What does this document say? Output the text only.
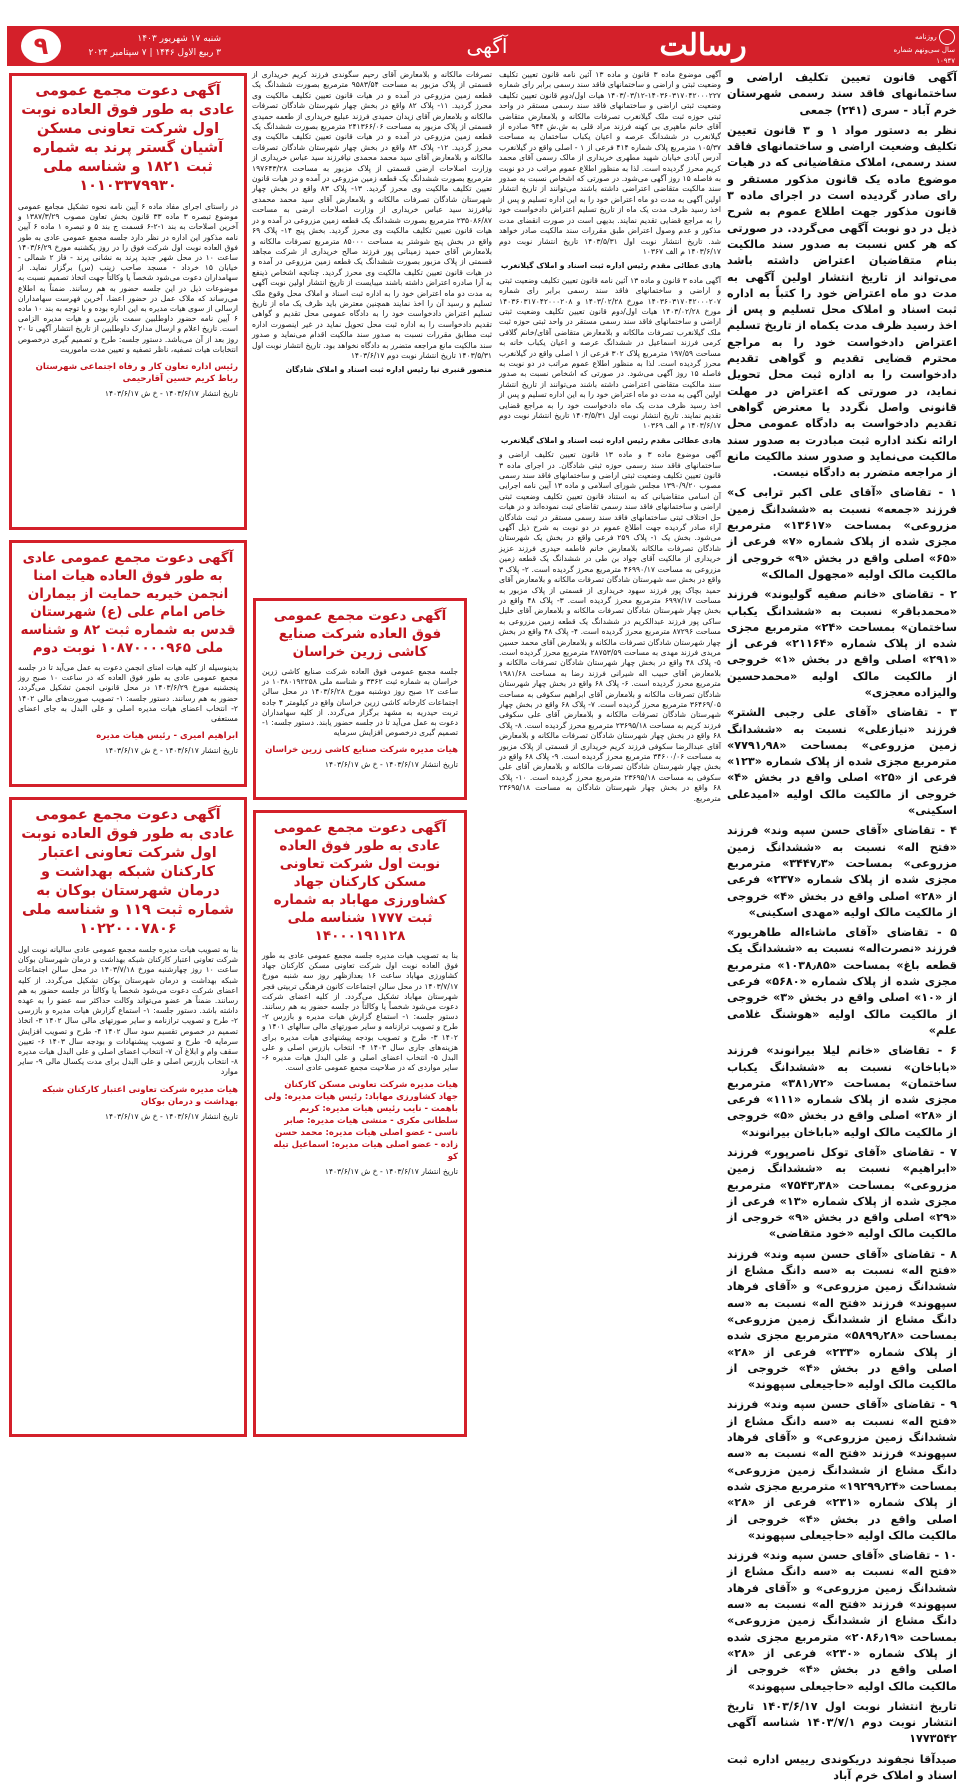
روزنامه
سال سی‌ونهم شماره ۱۰۹۴۷
رسالت
آگهی
شنبه ۱۷ شهریور ۱۴۰۳
۳ ربیع الاول ۱۴۴۶ | ۷ سپتامبر ۲۰۲۴
۹

آگهی قانون تعیین تکلیف اراضی و ساختمانهای فاقد سند رسمی شهرستان خرم آباد - سری (۲۴۱) جمعی

نظر به دستور مواد ۱ و ۳ قانون تعیین تکلیف وضعیت اراضی و ساختمانهای فاقد سند رسمی، املاک متقاضیانی که در هیات موضوع ماده یک قانون مذکور مستقر و رای صادر گردیده است در اجرای ماده ۳ قانون مذکور جهت اطلاع عموم به شرح ذیل در دو نوبت آگهی می‌گردد. در صورتی که هر کس نسبت به صدور سند مالکیت بنام متقاضیان اعتراض داشته باشد می‌تواند از تاریخ انتشار اولین آگهی به مدت دو ماه اعتراض خود را کتباً به اداره ثبت اسناد و املاک محل تسلیم و پس از اخذ رسید ظرف مدت یکماه از تاریخ تسلیم اعتراض دادخواست خود را به مراجع محترم قضایی تقدیم و گواهی تقدیم دادخواست را به اداره ثبت محل تحویل نماید، در صورتی که اعتراض در مهلت قانونی واصل نگردد یا معترض گواهی تقدیم دادخواست به دادگاه عمومی محل ارائه نکند اداره ثبت مبادرت به صدور سند مالکیت می‌نماید و صدور سند مالکیت مانع از مراجعه متضرر به دادگاه نیست.

۱ - تقاضای «آقای علی اکبر ترابی ک» فرزند «جمعه» نسبت به «ششدانگ زمین مزروعی» بمساحت «۱۳۶۱۷» مترمربع مجزی شده از پلاک شماره «۷» فرعی از «۶۵» اصلی واقع در بخش «۹» خروجی از مالکیت مالک اولیه «مجهول المالک»

۲ - تقاضای «خانم صفیه گولیوند» فرزند «محمدباقر» نسبت به «ششدانگ یکباب ساختمان» بمساحت «۲۴» مترمربع مجزی شده از پلاک شماره «۲۱۱۶۴» فرعی از «۲۹۱» اصلی واقع در بخش «۱» خروجی از مالکیت مالک اولیه «محمدحسین والیزاده معجزی»

۳ - تقاضای «آقای علی رجبی الشتر» فرزند «نیازعلی» نسبت به «ششدانگ زمین مزروعی» بمساحت «۷۷۹۱٫۹۸» مترمربع مجزی شده از پلاک شماره «۱۲۳» فرعی از «۲۵» اصلی واقع در بخش «۴» خروجی از مالکیت مالک اولیه «امیدعلی اسکینی»

۴ - تقاضای «آقای حسن سپه وند» فرزند «فتح اله» نسبت به «ششدانگ زمین مزروعی» بمساحت «۳۴۴۷٫۳» مترمربع مجزی شده از پلاک شماره «۲۳۷» فرعی از «۲۸» اصلی واقع در بخش «۴» خروجی از مالکیت مالک اولیه «مهدی اسکینی»

۵ - تقاضای «آقای ماشاءاله طاهریور» فرزند «نصرت‌اله» نسبت به «ششدانگ یک قطعه باغ» بمساحت «۱۰۳۸٫۸۵» مترمربع مجزی شده از پلاک شماره «۵۶۸۰» فرعی از «۱۰» اصلی واقع در بخش «۳» خروجی از مالکیت مالک اولیه «هوشنگ غلامی علم»

۶ - تقاضای «خانم لیلا بیرانوند» فرزند «باباخان» نسبت به «ششدانگ یکباب ساختمان» بمساحت «۳۸۱٫۷۲» مترمربع مجزی شده از پلاک شماره «۱۱۱» فرعی از «۲۸» اصلی واقع در بخش «۵» خروجی از مالکیت مالک اولیه «باباخان بیرانوند»

۷ - تقاضای «آقای توکل ناصرپور» فرزند «ابراهیم» نسبت به «ششدانگ زمین مزروعی» بمساحت «۷۵۴۳٫۳۸» مترمربع مجزی شده از پلاک شماره «۱۳» فرعی از «۲۹» اصلی واقع در بخش «۹» خروجی از مالکیت مالک اولیه «خود متقاضی»

۸ - تقاضای «آقای حسن سپه وند» فرزند «فتح اله» نسبت به «سه دانگ مشاع از ششدانگ زمین مزروعی» و «آقای فرهاد سپهوند» فرزند «فتح اله» نسبت به «سه دانگ مشاع از ششدانگ زمین مزروعی» بمساحت «۵۸۹۹٫۲۸» مترمربع مجزی شده از پلاک شماره «۲۳۳» فرعی از «۲۸» اصلی واقع در بخش «۴» خروجی از مالکیت مالک اولیه «حاجیعلی سپهوند»

۹ - تقاضای «آقای حسن سپه وند» فرزند «فتح اله» نسبت به «سه دانگ مشاع از ششدانگ زمین مزروعی» و «آقای فرهاد سپهوند» فرزند «فتح اله» نسبت به «سه دانگ مشاع از ششدانگ زمین مزروعی» بمساحت «۱۹۲۹۹٫۲۴» مترمربع مجزی شده از پلاک شماره «۲۳۱» فرعی از «۲۸» اصلی واقع در بخش «۴» خروجی از مالکیت مالک اولیه «حاجیعلی سپهوند»

۱۰ - تقاضای «آقای حسن سپه وند» فرزند «فتح اله» نسبت به «سه دانگ مشاع از ششدانگ زمین مزروعی» و «آقای فرهاد سپهوند» فرزند «فتح اله» نسبت به «سه دانگ مشاع از ششدانگ زمین مزروعی» بمساحت «۲۰۸۶٫۱۹» مترمربع مجزی شده از پلاک شماره «۲۳۰» فرعی از «۲۸» اصلی واقع در بخش «۴» خروجی از مالکیت مالک اولیه «حاجیعلی سپهوند»

تاریخ انتشار نوبت اول ۱۴۰۳/۶/۱۷ تاریخ انتشار نوبت دوم ۱۴۰۳/۷/۱ شناسه آگهی ۱۷۷۳۵۴۲

صیدآقا نجفوند دریکوندی رییس اداره ثبت اسناد و املاک خرم آباد

آگهی موضوع ماده ۳ قانون و ماده ۱۳ آئین نامه قانون تعیین تکلیف وضعیت ثبتی و اراضی و ساختمانهای فاقد سند رسمی برابر رای شماره ۱۴۰۳۶۰۳۱۷۰۴۲۰۰۰۲۲۷-۱۴۰۳/۰۳/۱۲ هیات اول/دوم قانون تعیین تکلیف وضعیت ثبتی اراضی و ساختمانهای فاقد سند رسمی مستقر در واحد ثبتی حوزه ثبت ملک گیلانغرب تصرفات مالکانه و بلامعارض متقاضی آقای خانم ماهپری بی کهنه فرزند مراد قلی به ش.ش ۹۴۴ صادره از گیلانغرب در ششدانگ عرصه و اعیان یکباب ساختمان به مساحت ۱۰۵/۳۷ مترمربع پلاک شماره ۴۱۴ فرعی از ۱ - اصلی واقع در گیلانغرب آدرس آبادی خیابان شهید مطهری خریداری از مالک رسمی آقای محمد کریم محرز گردیده است. لذا به منظور اطلاع عموم مراتب در دو نوبت به فاصله ۱۵ روز آگهی می‌شود. در صورتی که اشخاص نسبت به صدور سند مالکیت متقاضی اعتراضی داشته باشند می‌توانند از تاریخ انتشار اولین آگهی به مدت دو ماه اعتراض خود را به این اداره تسلیم و پس از اخذ رسید ظرف مدت یک ماه از تاریخ تسلیم اعتراض دادخواست خود را به مراجع قضایی تقدیم نمایند. بدیهی است در صورت انقضای مدت مذکور و عدم وصول اعتراض طبق مقررات سند مالکیت صادر خواهد شد. تاریخ انتشار نوبت اول ۱۴۰۳/۵/۳۱ تاریخ انتشار نوبت دوم ۱۴۰۳/۶/۱۷ م الف ۱۰۳۶۷

هادی عطائی مقدم رئیس اداره ثبت اسناد و املاک گیلانغرب

آگهی ماده ۳ قانون و ماده ۱۳ آئین نامه قانون تعیین تکلیف وضعیت ثبتی و اراضی و ساختمانهای فاقد سند رسمی برابر رای شماره ۱۴۰۳۶۰۳۱۷۰۴۲۰۰۰۲۰۷ مورخ ۱۴۰۳/۰۲/۲۸ و ۱۴۰۳۶۰۳۱۷۰۴۲۰۰۰۲۰۸ مورخ ۱۴۰۳/۰۲/۲۸ هیات اول/دوم قانون تعیین تکلیف وضعیت ثبتی اراضی و ساختمانهای فاقد سند رسمی مستقر در واحد ثبتی حوزه ثبت ملک گیلانغرب تصرفات مالکانه و بلامعارض متقاضی آقای/خانم گلافی کرمی فرزند اسماعیل در ششدانگ عرصه و اعیان یکباب خانه به مساحت ۱۹۷/۵۹ مترمربع پلاک ۳۰۲ فرعی از ۱ اصلی واقع در گیلانغرب محرز گردیده است. لذا به منظور اطلاع عموم مراتب در دو نوبت به فاصله ۱۵ روز آگهی می‌شود. در صورتی که اشخاص نسبت به صدور سند مالکیت متقاضی اعتراضی داشته باشند می‌توانند از تاریخ انتشار اولین آگهی به مدت دو ماه اعتراض خود را به این اداره تسلیم و پس از اخذ رسید ظرف مدت یک ماه دادخواست خود را به مراجع قضایی تقدیم نمایند. تاریخ انتشار نوبت اول ۱۴۰۳/۵/۳۱ تاریخ انتشار نوبت دوم ۱۴۰۳/۶/۱۷ م الف ۱۰۳۶۹

هادی عطائی مقدم رئیس اداره ثبت اسناد و املاک گیلانغرب

آگهی موضوع ماده ۳ و ماده ۱۳ قانون تعیین تکلیف اراضی و ساختمانهای فاقد سند رسمی حوزه ثبتی شادگان. در اجرای ماده ۳ قانون تعیین تکلیف وضعیت ثبتی اراضی و ساختمانهای فاقد سند رسمی مصوب ۱۳۹۰/۹/۲۰ مجلس شورای اسلامی و ماده ۱۳ آیین نامه اجرایی آن اسامی متقاضیانی که به استناد قانون تعیین تکلیف وضعیت ثبتی اراضی و ساختمانهای فاقد سند رسمی تقاضای ثبت نموده‌اند و در هیات حل اختلاف ثبتی ساختمانهای فاقد سند رسمی مستقر در ثبت شادگان آراء صادر گردیده جهت اطلاع عموم در دو نوبت به شرح ذیل آگهی می‌شود. بخش یک ۱- پلاک ۲۵۹ فرعی واقع در بخش یک شهرستان شادگان تصرفات مالکانه بلامعارض خانم فاطمه حیدری فرزند عزیز خریداری از مالکیت آقای جواد بن طی در ششدانگ یک قطعه زمین مزروعی به مساحت ۴۶۹۹۰/۱۷ مترمربع محرز گردیده است. ۲- پلاک ۳ واقع در بخش سه شهرستان شادگان تصرفات مالکانه و بلامعارض آقای حمید بچاک پور فرزند سهود خریداری از قسمتی از پلاک مزبور به مساحت ۶۹۹۷/۱۷ مترمربع محرز گردیده است. ۳- پلاک ۴۸ واقع در بخش چهار شهرستان شادگان تصرفات مالکانه و بلامعارض آقای خلیل ساکی پور فرزند عبدالکریم در ششدانگ یک قطعه زمین مزروعی به مساحت ۸۷۲۹۶ مترمربع محرز گردیده است. ۴- پلاک ۴۸ واقع در بخش چهار شهرستان شادگان تصرفات مالکانه و بلامعارض آقای محمد حسین مریدی فرزند مهدی به مساحت ۲۸۷۵۳/۵۹ مترمربع محرز گردیده است. ۵- پلاک ۴۸ واقع در بخش چهار شهرستان شادگان تصرفات مالکانه و بلامعارض آقای حبیب اله شیرانی فرزند رضا به مساحت ۱۹۸۱/۶۸ مترمربع محرز گردیده است. ۶- پلاک ۶۸ واقع در بخش چهار شهرستان شادگان تصرفات مالکانه و بلامعارض آقای ابراهیم سکوفی به مساحت ۳۶۴۶۹/۰۵ مترمربع محرز گردیده است. ۷- پلاک ۶۸ واقع در بخش چهار شهرستان شادگان تصرفات مالکانه و بلامعارض آقای علی سکوفی فرزند کریم به مساحت ۲۳۶۹۵/۱۸ مترمربع محرز گردیده است. ۸- پلاک ۶۸ واقع در بخش چهار شهرستان شادگان تصرفات مالکانه و بلامعارض آقای عبدالرضا سکوفی فرزند کریم خریداری از قسمتی از پلاک مزبور به مساحت ۳۴۶۰۰/۰۶ مترمربع محرز گردیده است. ۹- پلاک ۶۸ واقع در بخش چهار شهرستان شادگان تصرفات مالکانه و بلامعارض آقای علی سکوفی به مساحت ۲۳۶۹۵/۱۸ مترمربع محرز گردیده است. ۱۰- پلاک ۶۸ واقع در بخش چهار شهرستان شادگان به مساحت ۲۳۶۹۵/۱۸ مترمربع.

تصرفات مالکانه و بلامعارض آقای رحیم سگوندی فرزند کریم خریداری از قسمتی از پلاک مزبور به مساحت ۹۵۸۳/۵۴ مترمربع بصورت ششدانگ یک قطعه زمین مزروعی در آمده و در هیات قانون تعیین تکلیف مالکیت وی محرز گردید. ۱۱- پلاک ۸۲ واقع در بخش چهار شهرستان شادگان تصرفات مالکانه و بلامعارض آقای زیدان حمیدی فرزند عبلیع خریداری از طعمه حمیدی قسمتی از پلاک مزبور به مساحت ۲۴۱۳۶۶/۰۶ مترمربع بصورت ششدانگ یک قطعه زمین مزروعی در آمده و در هیات قانون تعیین تکلیف مالکیت وی محرز گردید. ۱۲- پلاک ۸۳ واقع در بخش چهار شهرستان شادگان تصرفات مالکانه و بلامعارض آقای سید محمد محمدی نیافرزند سید عباس خریداری از وزارت اصلاحات ارضی قسمتی از پلاک مزبور به مساحت ۱۹۷۶۴۳/۲۸ مترمربع بصورت ششدانگ یک قطعه زمین مزروعی در آمده و در هیات قانون تعیین تکلیف مالکیت وی محرز گردید. ۱۳- پلاک ۸۳ واقع در بخش چهار شهرستان شادگان تصرفات مالکانه و بلامعارض آقای سید محمد محمدی نیافرزند سید عباس خریداری از وزارت اصلاحات ارضی به مساحت ۲۳۵۰۸۶/۸۷ مترمربع بصورت ششدانگ یک قطعه زمین مزروعی در آمده و در هیات قانون تعیین تکلیف مالکیت وی محرز گردید. بخش پنج ۱۴- پلاک ۶۹ واقع در بخش پنج شوشتر به مساحت ۸۵۰۰۰ مترمربع تصرفات مالکانه و بلامعارض آقای حمید زمینانی پور فرزند صالح خریداری از شرکت مجاهد قسمتی از پلاک مزبور بصورت ششدانگ یک قطعه زمین مزروعی در آمده و در هیات قانون تعیین تکلیف مالکیت وی محرز گردید. چنانچه اشخاص ذینفع به آرا صادره اعتراض داشته باشند میبایست از تاریخ انتشار اولین نوبت آگهی به مدت دو ماه اعتراض خود را به اداره ثبت اسناد و املاک محل وقوع ملک تسلیم و رسید آن را اخذ نمایند همچنین معترض باید ظرف یک ماه از تاریخ تسلیم اعتراض دادخواست خود را به دادگاه عمومی محل تقدیم و گواهی تقدیم دادخواست را به اداره ثبت محل تحویل نماید در غیر اینصورت اداره ثبت مطابق مقررات نسبت به صدور سند مالکیت اقدام می‌نماید و صدور سند مالکیت مانع مراجعه متضرر به دادگاه نخواهد بود. تاریخ انتشار نوبت اول ۱۴۰۳/۵/۳۱ تاریخ انتشار نوبت دوم ۱۴۰۳/۶/۱۷

منصور قنبری نیا رئیس اداره ثبت اسناد و املاک شادگان

آگهی دعوت مجمع عمومی عادی به طور فوق العاده نوبت اول شرکت تعاونی مسکن آشیان گستر پرند به شماره ثبت ۱۸۲۱ و شناسه ملی ۱۰۱۰۳۳۷۹۹۳۰
در راستای اجرای مفاد ماده ۶ آیین نامه نحوه تشکیل مجامع عمومی موضوع تبصره ۳ ماده ۳۳ قانون بخش تعاون مصوب ۱۳۸۷/۳/۲۹ و آخرین اصلاحات به بند ۱-۲-۶ قسمت ج بند ۵ و تبصره ۱ ماده ۶ آیین نامه مذکور این اداره در نظر دارد جلسه مجمع عمومی عادی به طور فوق العاده نوبت اول شرکت فوق را در روز یکشنبه مورخ ۱۴۰۳/۶/۲۹ ساعت ۱۰ در محل شهر جدید پرند به نشانی پرند - فاز ۲ شمالی - خیابان ۱۵ خرداد - مسجد صاحب زینب (س) برگزار نماید. از سهامداران دعوت می‌شود شخصاً یا وکالتاً جهت اتخاذ تصمیم نسبت به موضوعات ذیل در این جلسه حضور به هم رسانند. ضمناً به اطلاع می‌رساند که ملاک عمل در حضور اعضا، آخرین فهرست سهامداران ارسالی از سوی هیات مدیره به این اداره بوده و با توجه به بند ۱۰ ماده ۶ آیین نامه حضور داوطلبین سمت بازرسی و هیات مدیره الزامی است. تاریخ اعلام و ارسال مدارک داوطلبین از تاریخ انتشار آگهی تا ۲۰ روز بعد از آن می‌باشد. دستور جلسه: طرح و تصمیم گیری درخصوص انتخابات هیات تصفیه، ناظر تصفیه و تعیین مدت ماموریت
رئیس اداره تعاون کار و رفاه اجتماعی شهرستان رباط کریم حسین آقارحیمی
تاریخ انتشار ۱۴۰۳/۶/۱۷ - خ ش ۱۴۰۳/۶/۱۷
آگهی دعوت مجمع عمومی عادی به طور فوق العاده هیات امنا انجمن خیریه حمایت از بیماران خاص امام علی (ع) شهرستان قدس به شماره ثبت ۸۲ و شناسه ملی ۱۰۸۷۰۰۰۰۹۶۵ نوبت دوم
بدینوسیله از کلیه هیات امنای انجمن دعوت به عمل می‌آید تا در جلسه مجمع عمومی عادی به طور فوق العاده که در ساعت ۱۰ صبح روز پنجشنبه مورخ ۱۴۰۳/۶/۲۹ در محل قانونی انجمن تشکیل می‌گردد، حضور به هم رسانند. دستور جلسه: ۱- تصویب صورت‌های مالی ۱۴۰۲ ۲- انتخاب اعضای هیات مدیره اصلی و علی البدل به جای اعضای مستعفی
ابراهیم امیری - رئیس هیات مدیره
تاریخ انتشار ۱۴۰۳/۶/۱۷ - خ ش ۱۴۰۳/۶/۱۷
آگهی دعوت مجمع عمومی عادی به طور فوق العاده نوبت اول شرکت تعاونی اعتبار کارکنان شبکه بهداشت و درمان شهرستان بوکان به شماره ثبت ۱۱۹ و شناسه ملی ۱۰۲۲۰۰۰۷۸۰۶
بنا به تصویب هیات مدیره جلسه مجمع عمومی عادی سالیانه نوبت اول شرکت تعاونی اعتبار کارکنان شبکه بهداشت و درمان شهرستان بوکان ساعت ۱۰ روز چهارشنبه مورخ ۱۴۰۳/۷/۱۸ در محل سالن اجتماعات شبکه بهداشت و درمان شهرستان بوکان تشکیل می‌گردد. از کلیه اعضای شرکت دعوت می‌شود شخصاً یا وکالتاً در جلسه حضور به هم رسانند. ضمناً هر عضو می‌تواند وکالت حداکثر سه عضو را به عهده داشته باشد. دستور جلسه: ۱- استماع گزارش هیات مدیره و بازرسی ۲- طرح و تصویب ترازنامه و سایر صورتهای مالی سال ۱۴۰۲ ۳- اتخاذ تصمیم در خصوص تقسیم سود سال ۱۴۰۲ ۴- طرح و تصویب افزایش سرمایه ۵- طرح و تصویب پیشنهادات و بودجه سال ۱۴۰۳ ۶- تعیین سقف وام و ابلاغ آن ۷- انتخاب اعضای اصلی و علی البدل هیات مدیره ۸- انتخاب بازرس اصلی و علی البدل برای مدت یکسال مالی ۹- سایر موارد
هیات مدیره شرکت تعاونی اعتبار کارکنان شبکه بهداشت و درمان بوکان
تاریخ انتشار ۱۴۰۳/۶/۱۷ - خ ش ۱۴۰۳/۶/۱۷
آگهی دعوت مجمع عمومی فوق العاده شرکت صنایع کاشی زرین خراسان
جلسه مجمع عمومی فوق العاده شرکت صنایع کاشی زرین خراسان به شماره ثبت ۳۳۶۲ و شناسه ملی ۱۰۳۸۰۱۹۲۲۵۸ در ساعت ۱۲ صبح روز دوشنبه مورخ ۱۴۰۳/۶/۲۸ در محل سالن اجتماعات کارخانه کاشی زرین خراسان واقع در کیلومتر ۴ جاده تربت حیدریه به مشهد برگزار می‌گردد. از کلیه سهامداران دعوت به عمل می‌آید تا در جلسه حضور یابند. دستور جلسه: ۱- تصمیم گیری درخصوص افزایش سرمایه
هیات مدیره شرکت صنایع کاشی زرین خراسان
تاریخ انتشار ۱۴۰۳/۶/۱۷ - خ ش ۱۴۰۳/۶/۱۷
آگهی دعوت مجمع عمومی عادی به طور فوق العاده نوبت اول شرکت تعاونی مسکن کارکنان جهاد کشاورزی مهاباد به شماره ثبت ۱۷۷۷ شناسه ملی ۱۴۰۰۰۱۹۱۱۲۸
بنا به تصویب هیات مدیره جلسه مجمع عمومی عادی به طور فوق العاده نوبت اول شرکت تعاونی مسکن کارکنان جهاد کشاورزی مهاباد ساعت ۱۶ بعدازظهر روز سه شنبه مورخ ۱۴۰۳/۷/۱۷ در محل سالن اجتماعات کانون فرهنگی تربیتی فجر شهرستان مهاباد تشکیل می‌گردد. از کلیه اعضای شرکت دعوت می‌شود شخصاً یا وکالتاً در جلسه حضور به هم رسانند. دستور جلسه: ۱- استماع گزارش هیات مدیره و بازرس ۲- طرح و تصویب ترازنامه و سایر صورتهای مالی سالهای ۱۴۰۱ و ۱۴۰۲ ۳- طرح و تصویب بودجه پیشنهادی هیات مدیره برای هزینه‌های جاری سال ۱۴۰۳ ۴- انتخاب بازرس اصلی و علی البدل ۵- انتخاب اعضای اصلی و علی البدل هیات مدیره ۶- سایر مواردی که در صلاحیت مجمع عمومی عادی است.
هیات مدیره شرکت تعاونی مسکن کارکنان جهاد کشاورزی مهاباد: رئیس هیات مدیره: ولی باهمت - نایب رئیس هیات مدیره: کریم سلطانی مکری - منشی هیات مدیره: صابر ناسی - عضو اصلی هیات مدیره: محمد حسن زاده - عضو اصلی هیات مدیره: اسماعیل تیله کو
تاریخ انتشار ۱۴۰۳/۶/۱۷ - خ ش ۱۴۰۳/۶/۱۷
